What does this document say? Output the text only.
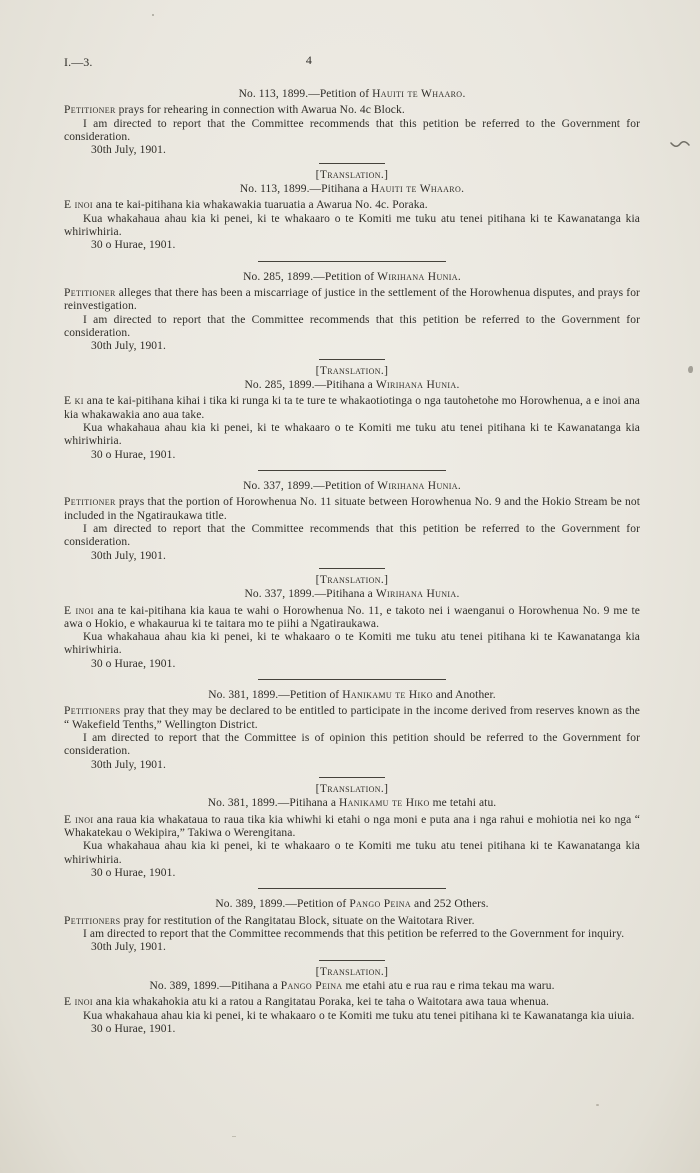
I.—3.	4
No. 113, 1899.—Petition of Hauiti te Whaaro.

Petitioner prays for rehearing in connection with Awarua No. 4c Block.

I am directed to report that the Committee recommends that this petition be referred to the Government for consideration.

30th July, 1901.

[Translation.]

No. 113, 1899.—Pitihana a Hauiti te Whaaro.

E inoi ana te kai-pitihana kia whakawakia tuaruatia a Awarua No. 4c. Poraka.

Kua whakahaua ahau kia ki penei, ki te whakaaro o te Komiti me tuku atu tenei pitihana ki te Kawanatanga kia whiriwhiria.

30 o Hurae, 1901.

No. 285, 1899.—Petition of Wirihana Hunia.

Petitioner alleges that there has been a miscarriage of justice in the settlement of the Horowhenua disputes, and prays for reinvestigation.

I am directed to report that the Committee recommends that this petition be referred to the Government for consideration.

30th July, 1901.

[Translation.]

No. 285, 1899.—Pitihana a Wirihana Hunia.

E ki ana te kai-pitihana kihai i tika ki runga ki ta te ture te whakaotiotinga o nga tautohetohe mo Horowhenua, a e inoi ana kia whakawakia ano aua take.

Kua whakahaua ahau kia ki penei, ki te whakaaro o te Komiti me tuku atu tenei pitihana ki te Kawanatanga kia whiriwhiria.

30 o Hurae, 1901.

No. 337, 1899.—Petition of Wirihana Hunia.

Petitioner prays that the portion of Horowhenua No. 11 situate between Horowhenua No. 9 and the Hokio Stream be not included in the Ngatiraukawa title.

I am directed to report that the Committee recommends that this petition be referred to the Government for consideration.

30th July, 1901.

[Translation.]

No. 337, 1899.—Pitihana a Wirihana Hunia.

E inoi ana te kai-pitihana kia kaua te wahi o Horowhenua No. 11, e takoto nei i waenganui o Horowhenua No. 9 me te awa o Hokio, e whakaurua ki te taitara mo te piihi a Ngatiraukawa.

Kua whakahaua ahau kia ki penei, ki te whakaaro o te Komiti me tuku atu tenei pitihana ki te Kawanatanga kia whiriwhiria.

30 o Hurae, 1901.

No. 381, 1899.—Petition of Hanikamu te Hiko and Another.

Petitioners pray that they may be declared to be entitled to participate in the income derived from reserves known as the “ Wakefield Tenths,” Wellington District.

I am directed to report that the Committee is of opinion this petition should be referred to the Government for consideration.

30th July, 1901.

[Translation.]

No. 381, 1899.—Pitihana a Hanikamu te Hiko me tetahi atu.

E inoi ana raua kia whakataua to raua tika kia whiwhi ki etahi o nga moni e puta ana i nga rahui e mohiotia nei ko nga “ Whakatekau o Wekipira,” Takiwa o Werengitana.

Kua whakahaua ahau kia ki penei, ki te whakaaro o te Komiti me tuku atu tenei pitihana ki te Kawanatanga kia whiriwhiria.

30 o Hurae, 1901.

No. 389, 1899.—Petition of Pango Peina and 252 Others.

Petitioners pray for restitution of the Rangitatau Block, situate on the Waitotara River.

I am directed to report that the Committee recommends that this petition be referred to the Government for inquiry.

30th July, 1901.

[Translation.]

No. 389, 1899.—Pitihana a Pango Peina me etahi atu e rua rau e rima tekau ma waru.

E inoi ana kia whakahokia atu ki a ratou a Rangitatau Poraka, kei te taha o Waitotara awa taua whenua.

Kua whakahaua ahau kia ki penei, ki te whakaaro o te Komiti me tuku atu tenei pitihana ki te Kawanatanga kia uiuia.

30 o Hurae, 1901.
